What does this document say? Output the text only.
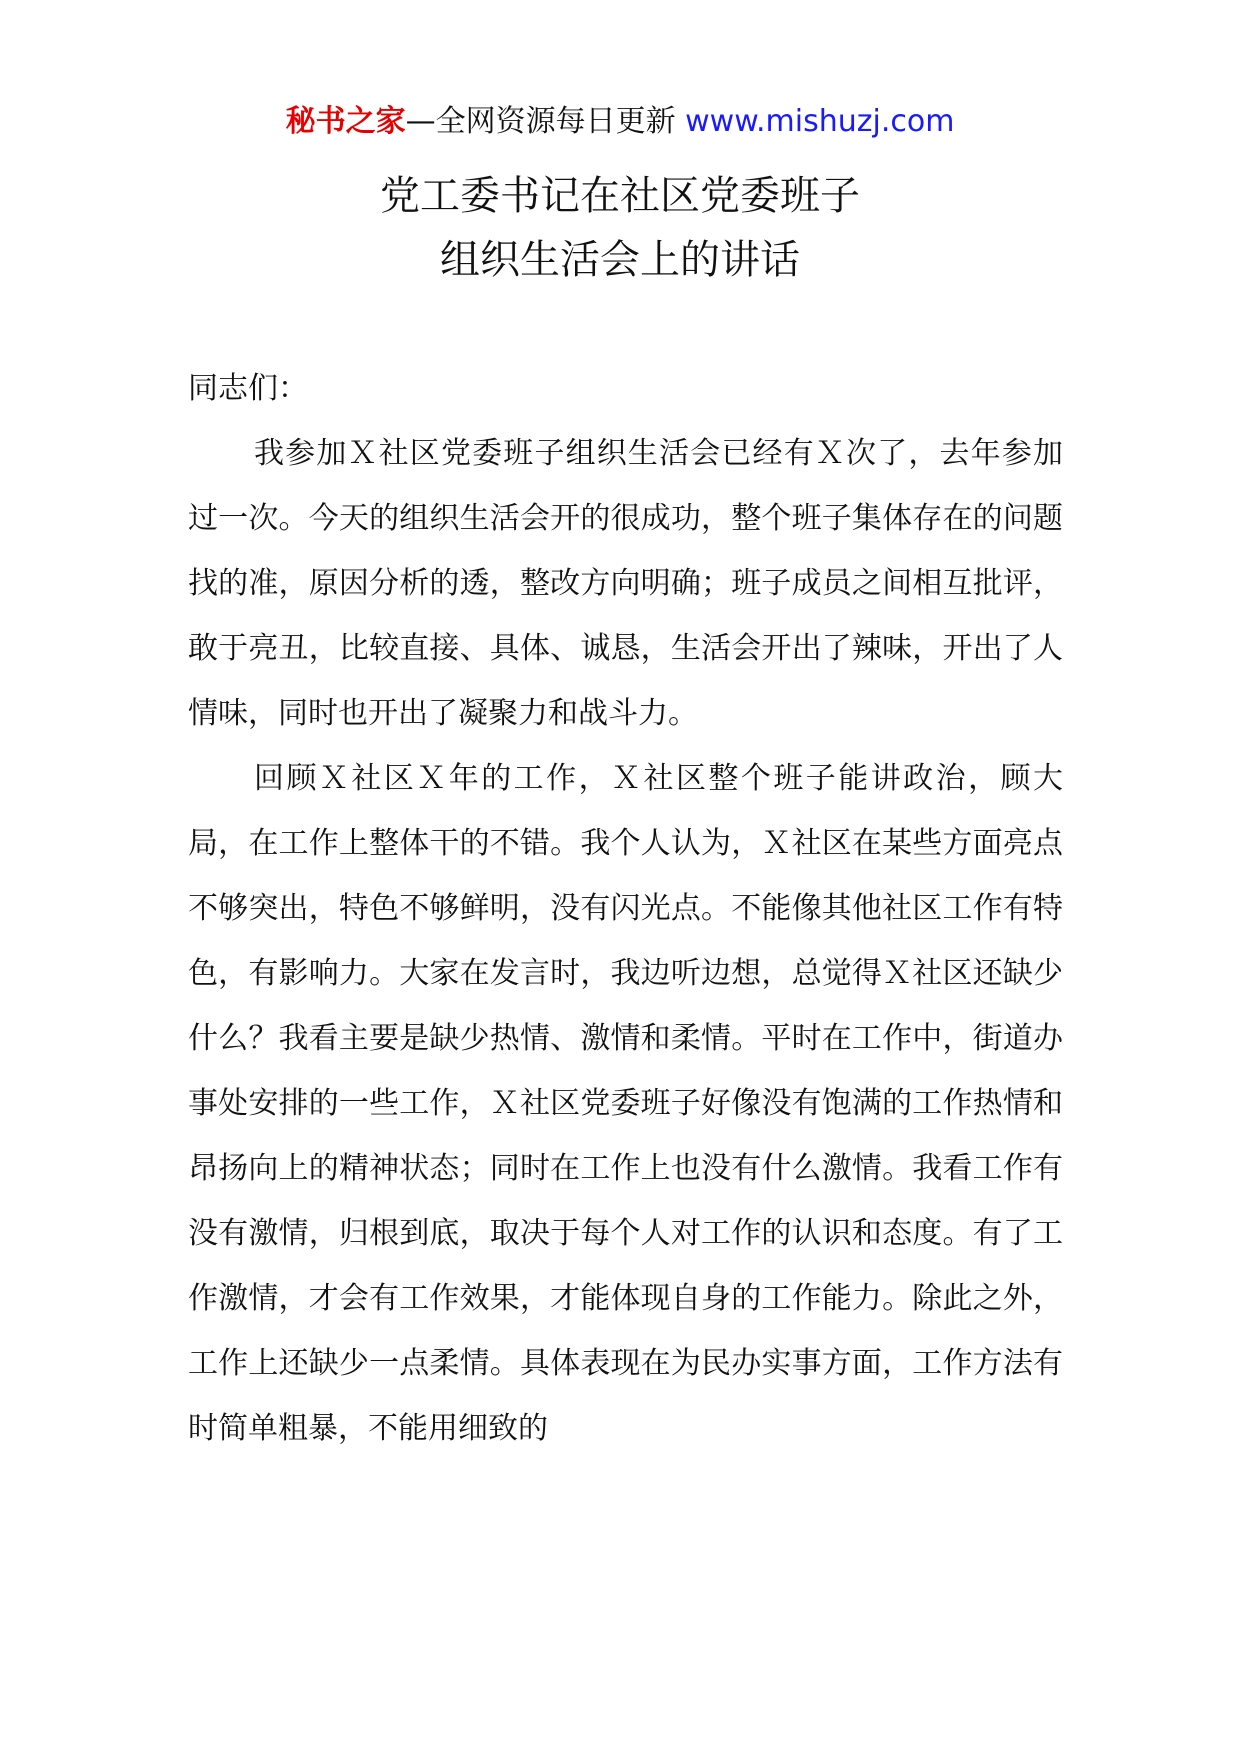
秘书之家—全网资源每日更新 www.mishuzj.com
党工委书记在社区党委班子
组织生活会上的讲话
同志们：

我参加Ｘ社区党委班子组织生活会已经有Ｘ次了，去年参加过一次。今天的组织生活会开的很成功，整个班子集体存在的问题找的准，原因分析的透，整改方向明确；班子成员之间相互批评，敢于亮丑，比较直接、具体、诚恳，生活会开出了辣味，开出了人情味，同时也开出了凝聚力和战斗力。

回顾Ｘ社区Ｘ年的工作，Ｘ社区整个班子能讲政治，顾大局，在工作上整体干的不错。我个人认为，Ｘ社区在某些方面亮点不够突出，特色不够鲜明，没有闪光点。不能像其他社区工作有特色，有影响力。大家在发言时，我边听边想，总觉得Ｘ社区还缺少什么？我看主要是缺少热情、激情和柔情。平时在工作中，街道办事处安排的一些工作，Ｘ社区党委班子好像没有饱满的工作热情和昂扬向上的精神状态；同时在工作上也没有什么激情。我看工作有没有激情，归根到底，取决于每个人对工作的认识和态度。有了工作激情，才会有工作效果，才能体现自身的工作能力。除此之外，工作上还缺少一点柔情。具体表现在为民办实事方面，工作方法有时简单粗暴，不能用细致的
